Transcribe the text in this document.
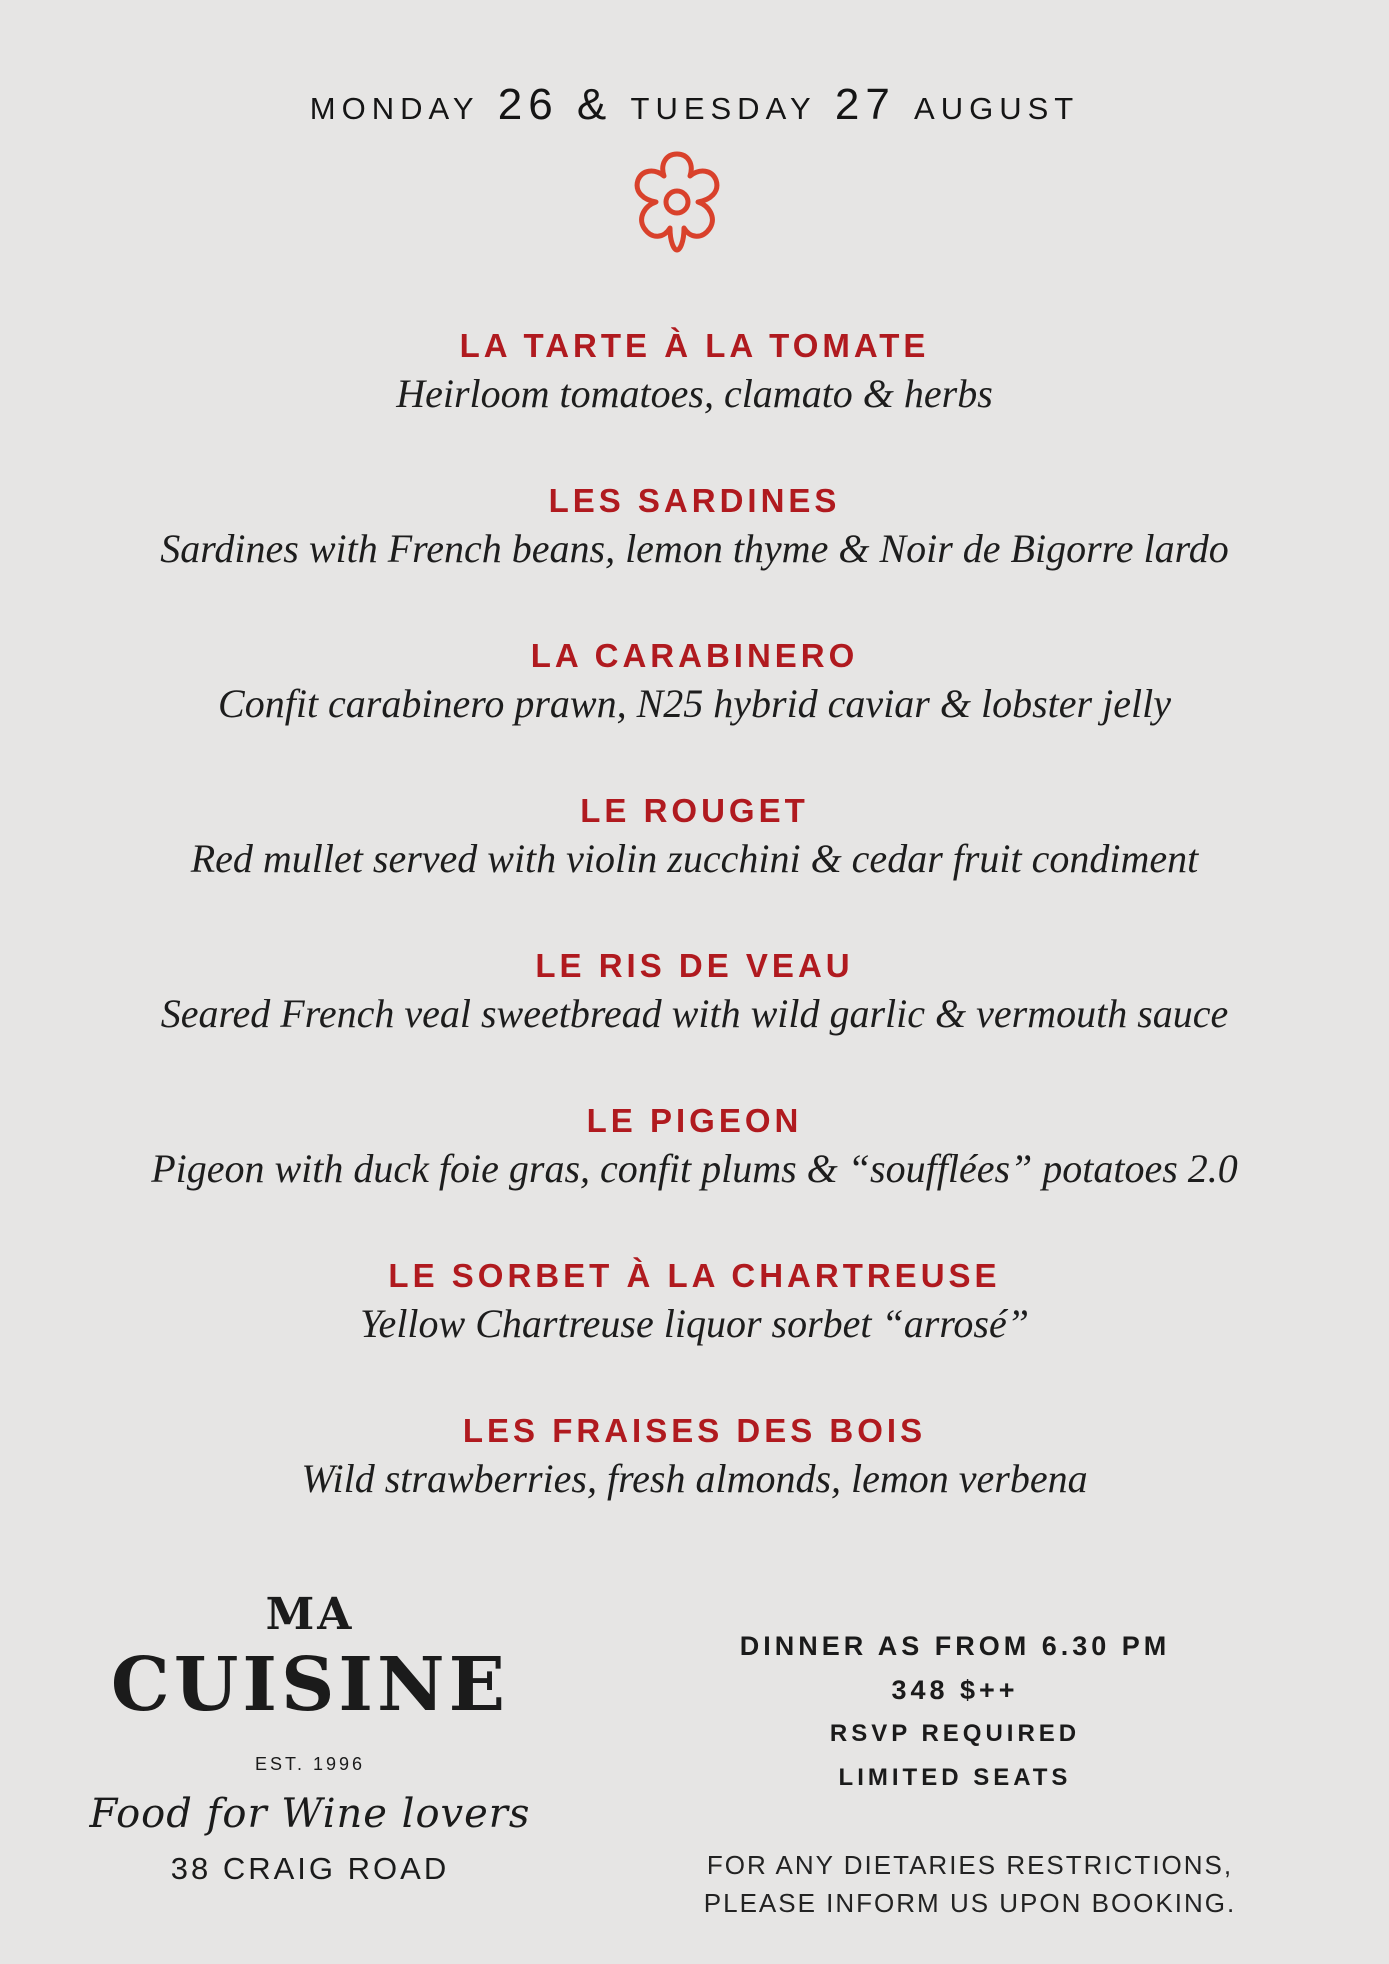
monday 26 & tuesday 27 august
LA TARTE À LA TOMATE
Heirloom tomatoes, clamato & herbs
LES SARDINES
Sardines with French beans, lemon thyme & Noir de Bigorre lardo
LA CARABINERO
Confit carabinero prawn, N25 hybrid caviar & lobster jelly
LE ROUGET
Red mullet served with violin zucchini & cedar fruit condiment
LE RIS DE VEAU
Seared French veal sweetbread with wild garlic & vermouth sauce
LE PIGEON
Pigeon with duck foie gras, confit plums & “soufflées” potatoes 2.0
LE SORBET À LA CHARTREUSE
Yellow Chartreuse liquor sorbet “arrosé”
LES FRAISES DES BOIS
Wild strawberries, fresh almonds, lemon verbena
MA
CUISINE
EST. 1996
Food for Wine lovers
38 CRAIG ROAD
DINNER AS FROM 6.30 PM
348 $++
RSVP REQUIRED
LIMITED SEATS
FOR ANY DIETARIES RESTRICTIONS,
PLEASE INFORM US UPON BOOKING.
